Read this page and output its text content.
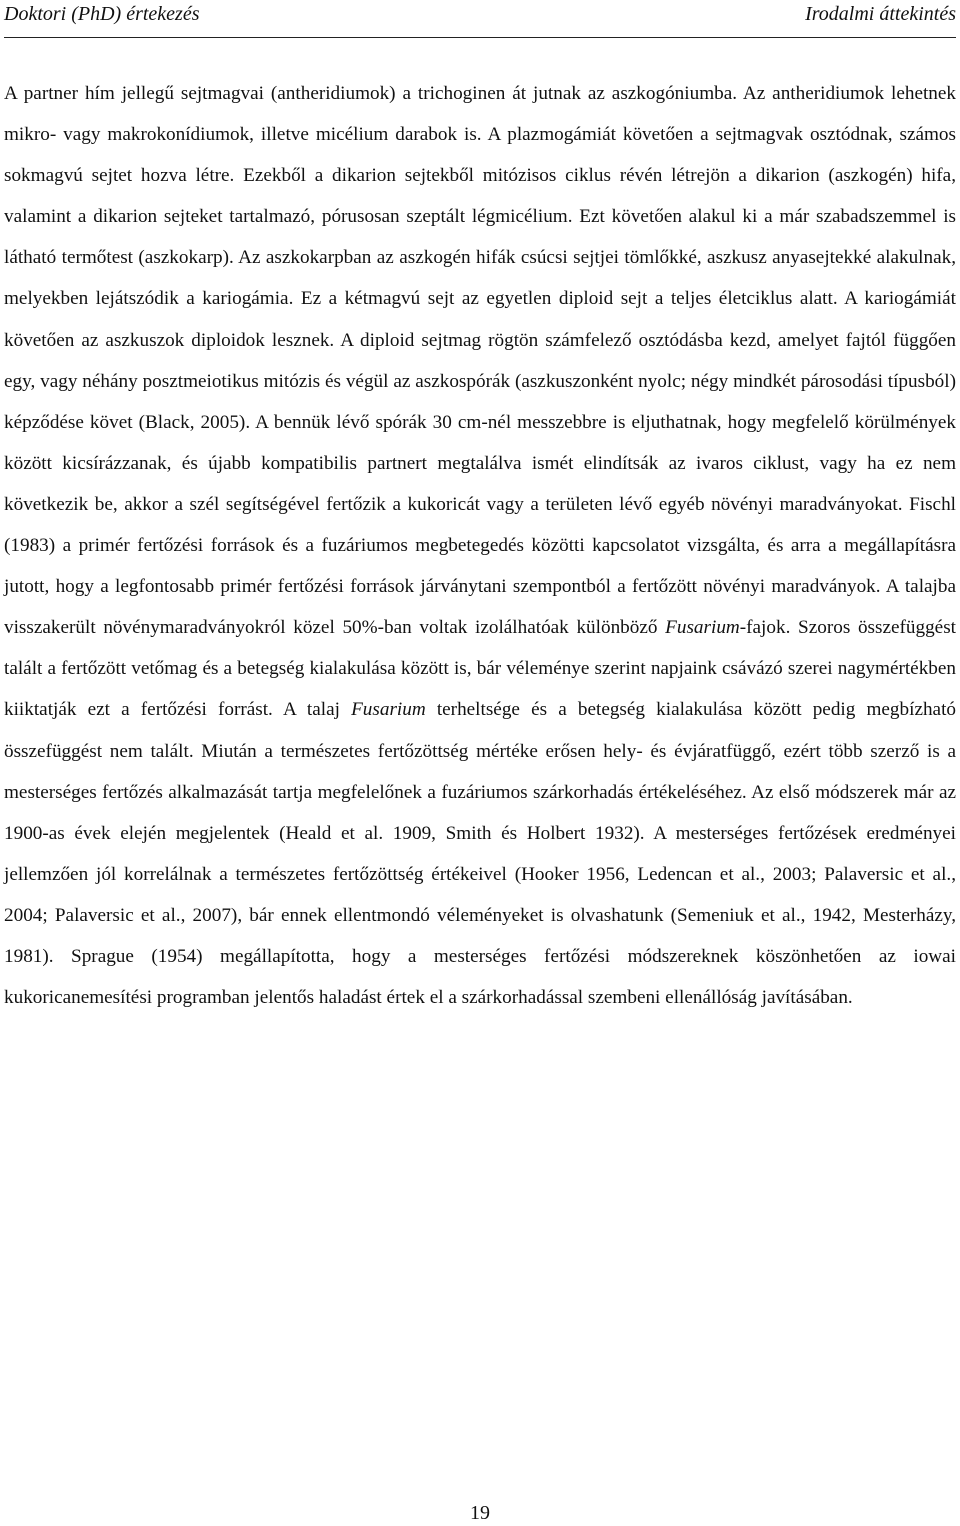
Doktori (PhD) értekezés	Irodalmi áttekintés

A partner hím jellegű sejtmagvai (antheridiumok) a trichoginen át jutnak az aszkogóniumba. Az antheridiumok lehetnek mikro- vagy makrokonídiumok, illetve micélium darabok is. A plazmogámiát követően a sejtmagvak osztódnak, számos sokmagvú sejtet hozva létre. Ezekből a dikarion sejtekből mitózisos ciklus révén létrejön a dikarion (aszkogén) hifa, valamint a dikarion sejteket tartalmazó, pórusosan szeptált légmicélium. Ezt követően alakul ki a már szabadszemmel is látható termőtest (aszkokarp). Az aszkokarpban az aszkogén hifák csúcsi sejtjei tömlőkké, aszkusz anyasejtekké alakulnak, melyekben lejátszódik a kariogámia. Ez a kétmagvú sejt az egyetlen diploid sejt a teljes életciklus alatt. A kariogámiát követően az aszkuszok diploidok lesznek. A diploid sejtmag rögtön számfelező osztódásba kezd, amelyet fajtól függően egy, vagy néhány posztmeiotikus mitózis és végül az aszkospórák (aszkuszonként nyolc; négy mindkét párosodási típusból) képződése követ (Black, 2005). A bennük lévő spórák 30 cm-nél messzebbre is eljuthatnak, hogy megfelelő körülmények között kicsírázzanak, és újabb kompatibilis partnert megtalálva ismét elindítsák az ivaros ciklust, vagy ha ez nem következik be, akkor a szél segítségével fertőzik a kukoricát vagy a területen lévő egyéb növényi maradványokat. Fischl (1983) a primér fertőzési források és a fuzáriumos megbetegedés közötti kapcsolatot vizsgálta, és arra a megállapításra jutott, hogy a legfontosabb primér fertőzési források járványtani szempontból a fertőzött növényi maradványok. A talajba visszakerült növénymaradványokról közel 50%-ban voltak izolálhatóak különböző Fusarium-fajok. Szoros összefüggést talált a fertőzött vetőmag és a betegség kialakulása között is, bár véleménye szerint napjaink csávázó szerei nagymértékben kiiktatják ezt a fertőzési forrást. A talaj Fusarium terheltsége és a betegség kialakulása között pedig megbízható összefüggést nem talált. Miután a természetes fertőzöttség mértéke erősen hely- és évjáratfüggő, ezért több szerző is a mesterséges fertőzés alkalmazását tartja megfelelőnek a fuzáriumos szárkorhadás értékeléséhez. Az első módszerek már az 1900-as évek elején megjelentek (Heald et al. 1909, Smith és Holbert 1932). A mesterséges fertőzések eredményei jellemzően jól korrelálnak a természetes fertőzöttség értékeivel (Hooker 1956, Ledencan et al., 2003; Palaversic et al., 2004; Palaversic et al., 2007), bár ennek ellentmondó véleményeket is olvashatunk (Semeniuk et al., 1942, Mesterházy, 1981). Sprague (1954) megállapította, hogy a mesterséges fertőzési módszereknek köszönhetően az iowai kukoricanemesítési programban jelentős haladást értek el a szárkorhadással szembeni ellenállóság javításában.

19
